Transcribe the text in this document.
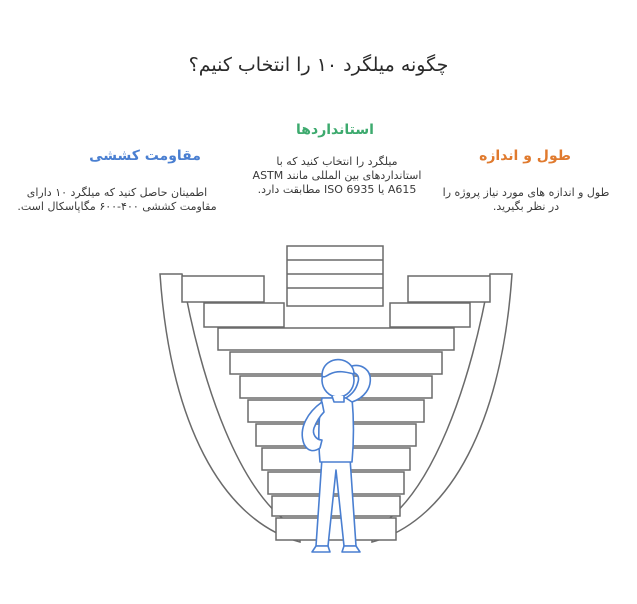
چگونه میلگرد ۱۰ را انتخاب کنیم؟
طول و اندازه
طول و اندازه های مورد نیاز پروژه را در نظر بگیرید.
استانداردها
میلگرد را انتخاب کنید که با استانداردهای بین المللی مانند ASTM A615 یا ISO 6935 مطابقت دارد.
مقاومت کششی
اطمینان حاصل کنید که میلگرد ۱۰ دارای مقاومت کششی ۴۰۰-۶۰۰ مگاپاسکال است.
